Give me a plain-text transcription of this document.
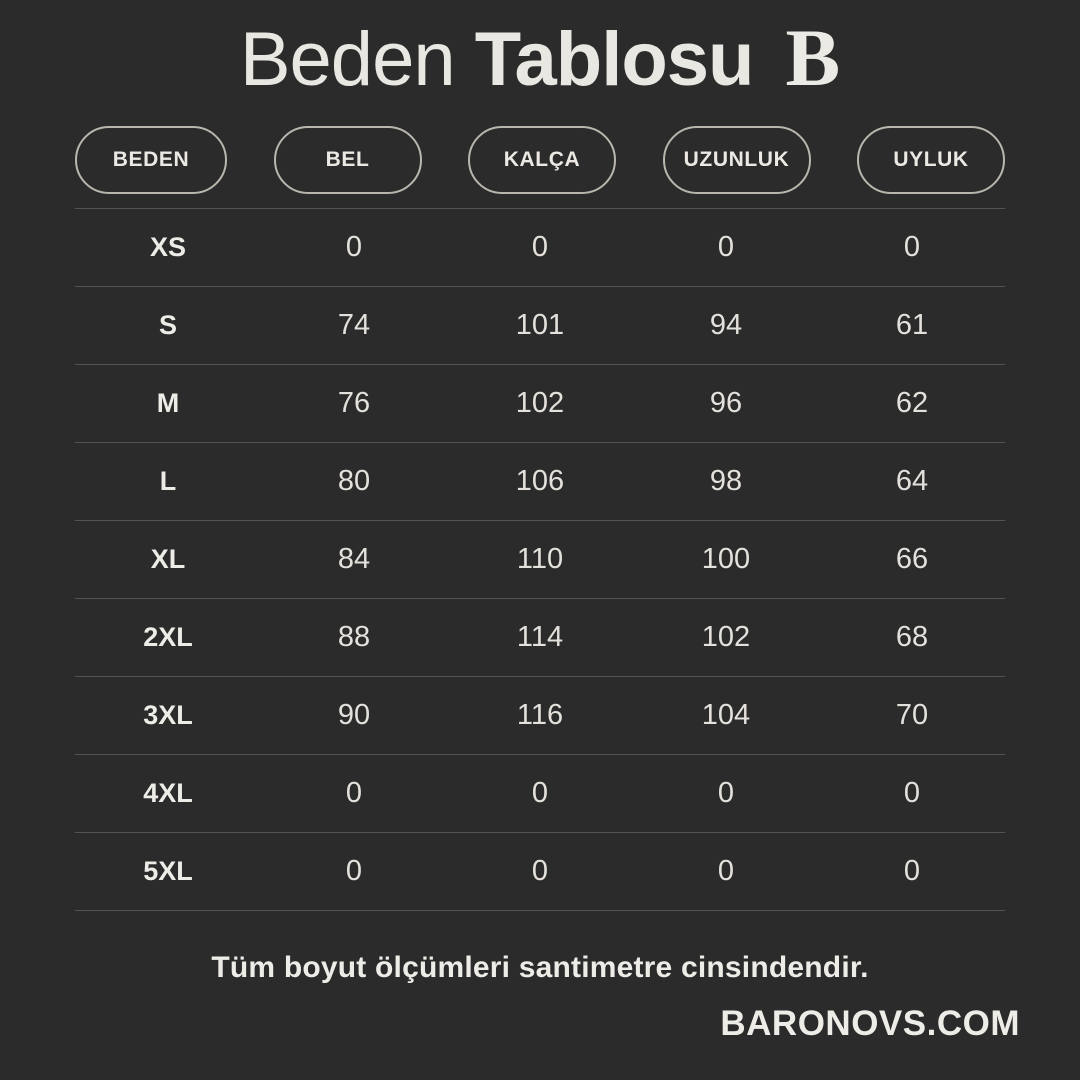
Beden Tablosu B
BEDEN	BEL	KALÇA	UZUNLUK	UYLUK
XS	0	0	0	0
S	74	101	94	61
M	76	102	96	62
L	80	106	98	64
XL	84	110	100	66
2XL	88	114	102	68
3XL	90	116	104	70
4XL	0	0	0	0
5XL	0	0	0	0
Tüm boyut ölçümleri santimetre cinsindendir.
BARONOVS.COM
